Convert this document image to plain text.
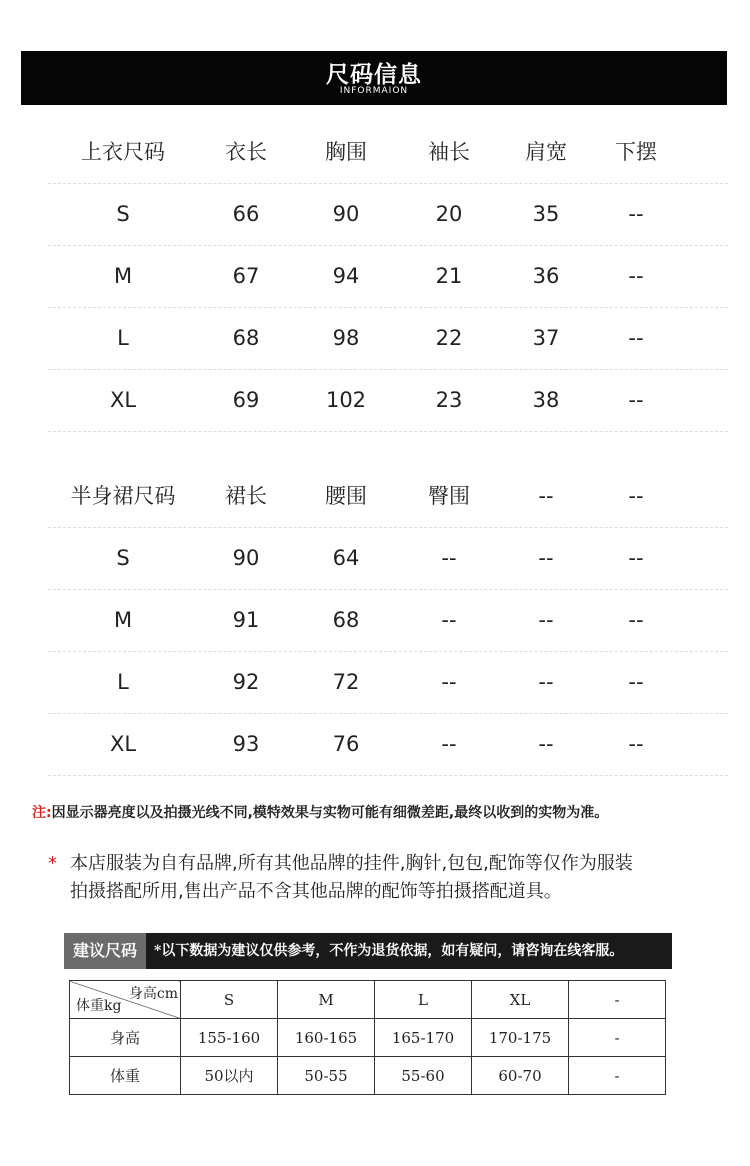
尺码信息
INFORMAION
上衣尺码	衣长	胸围	袖长	肩宽	下摆
S	66	90	20	35	--
M	67	94	21	36	--
L	68	98	22	37	--
XL	69	102	23	38	--
半身裙尺码	裙长	腰围	臀围	--	--
S	90	64	--	--	--
M	91	68	--	--	--
L	92	72	--	--	--
XL	93	76	--	--	--
注:因显示器亮度以及拍摄光线不同,模特效果与实物可能有细微差距,最终以收到的实物为准。
* 本店服装为自有品牌,所有其他品牌的挂件,胸针,包包,配饰等仅作为服装
拍摄搭配所用,售出产品不含其他品牌的配饰等拍摄搭配道具。
建议尺码	*以下数据为建议仅供参考，不作为退货依据，如有疑问，请咨询在线客服。
身高cm
体重kg	S	M	L	XL	-
身高	155-160	160-165	165-170	170-175	-
体重	50以内	50-55	55-60	60-70	-
